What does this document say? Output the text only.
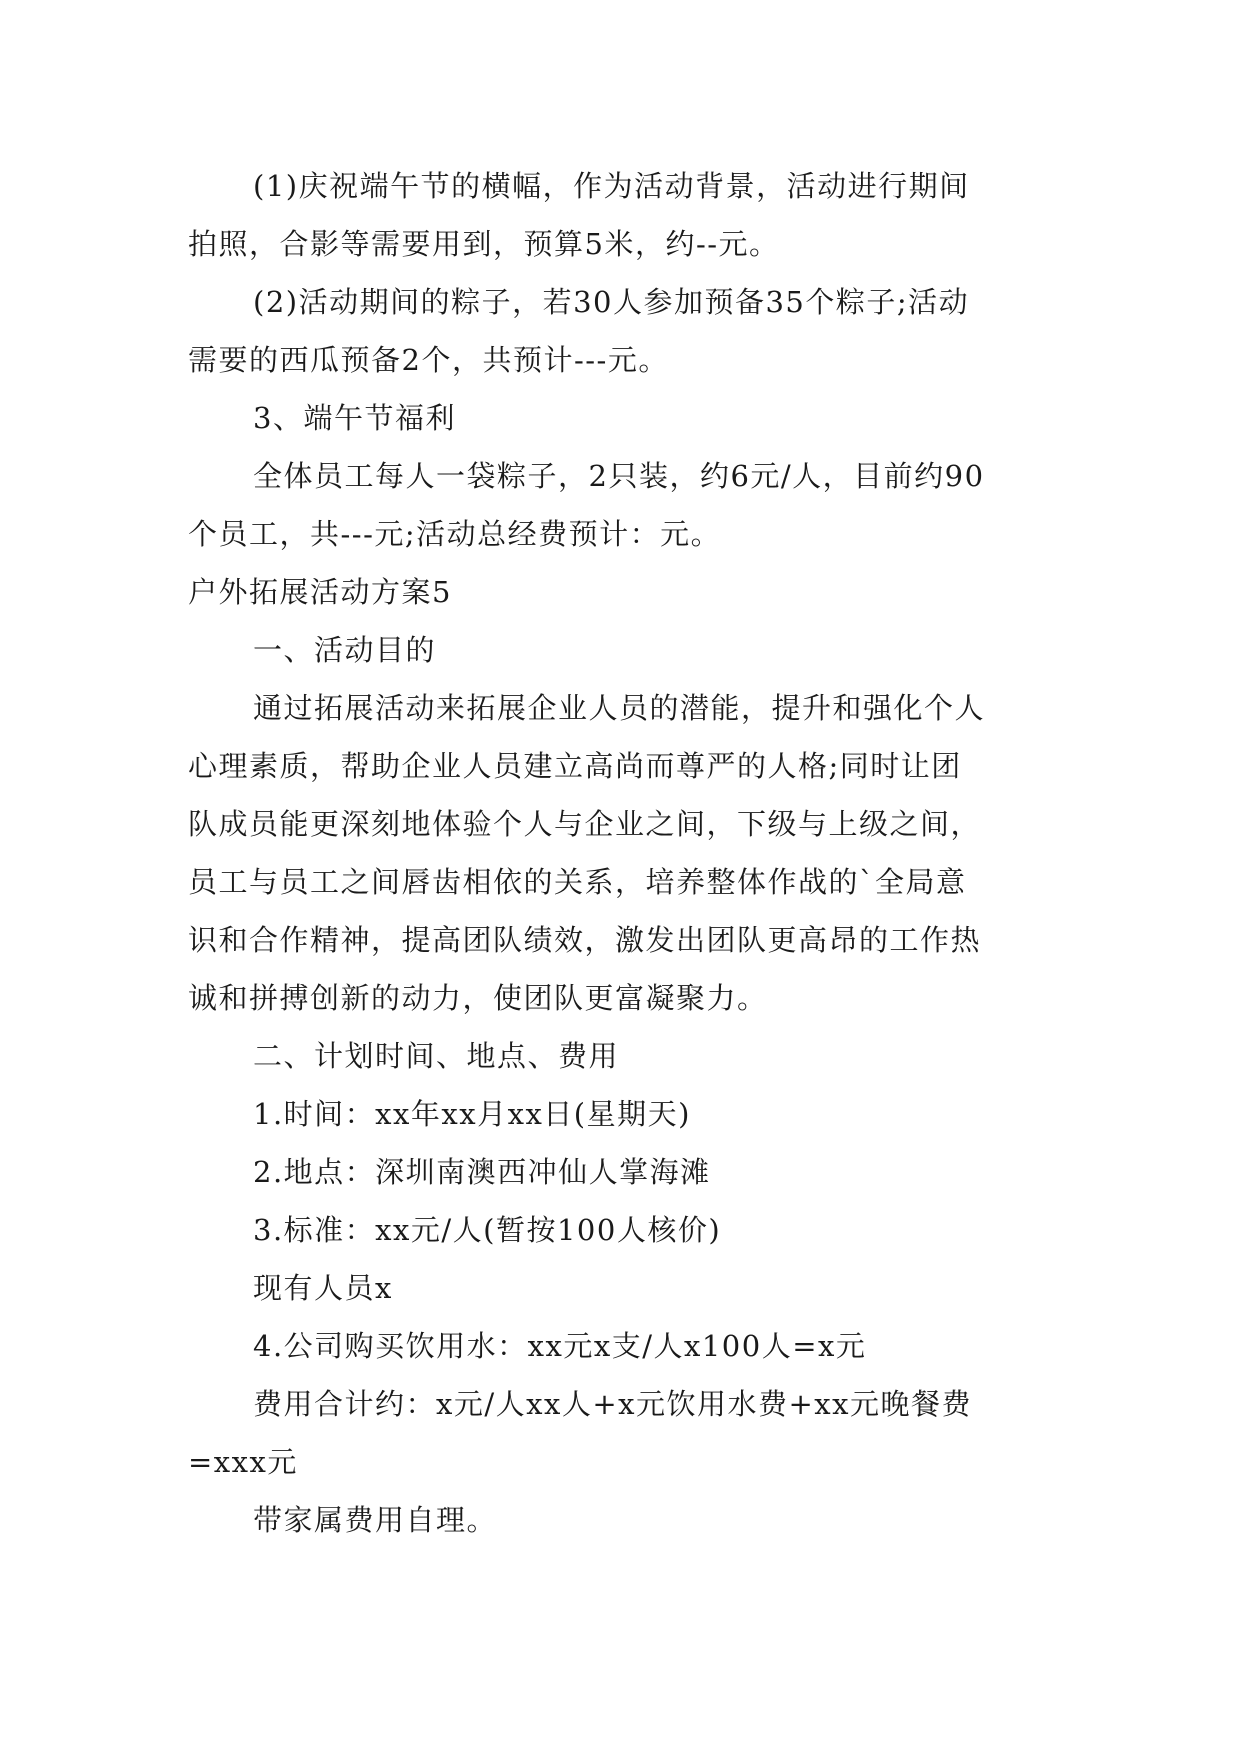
(1)庆祝端午节的横幅，作为活动背景，活动进行期间
拍照，合影等需要用到，预算5米，约--元。
(2)活动期间的粽子，若30人参加预备35个粽子;活动
需要的西瓜预备2个，共预计---元。
3、端午节福利
全体员工每人一袋粽子，2只装，约6元/人，目前约90
个员工，共---元;活动总经费预计：元。
户外拓展活动方案5
一、活动目的
通过拓展活动来拓展企业人员的潜能，提升和强化个人
心理素质，帮助企业人员建立高尚而尊严的人格;同时让团
队成员能更深刻地体验个人与企业之间，下级与上级之间，
员工与员工之间唇齿相依的关系，培养整体作战的`全局意
识和合作精神，提高团队绩效，激发出团队更高昂的工作热
诚和拼搏创新的动力，使团队更富凝聚力。
二、计划时间、地点、费用
1.时间：xx年xx月xx日(星期天)
2.地点：深圳南澳西冲仙人掌海滩
3.标准：xx元/人(暂按100人核价)
现有人员x
4.公司购买饮用水：xx元x支/人x100人=x元
费用合计约：x元/人xx人+x元饮用水费+xx元晚餐费
=xxx元
带家属费用自理。
